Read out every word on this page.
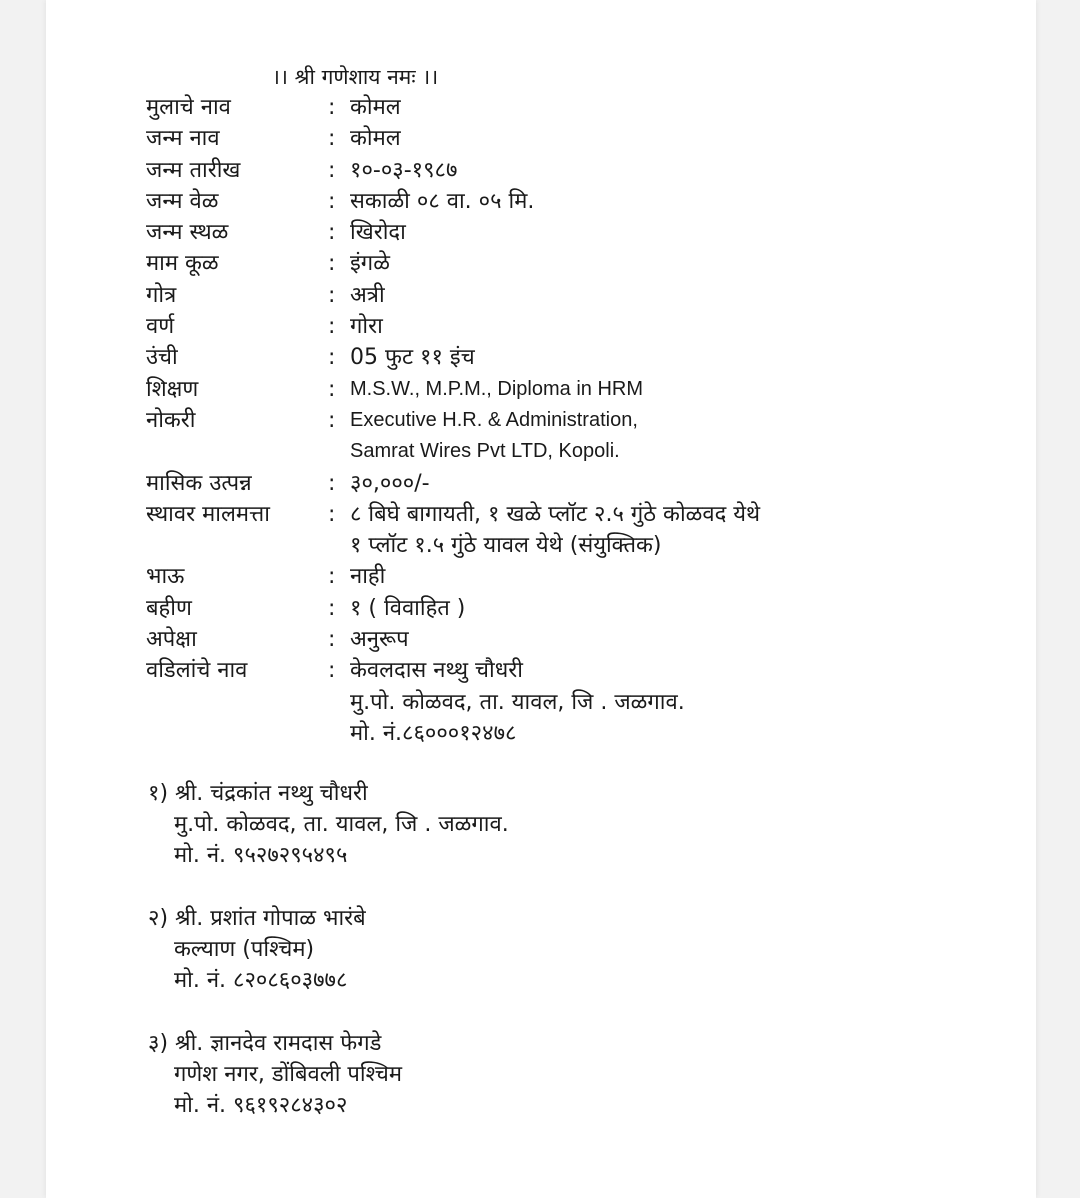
।। श्री गणेशाय नमः ।।
मुलाचे नाव	: कोमल
जन्म नाव	: कोमल
जन्म तारीख	: १०-०३-१९८७
जन्म वेळ	: सकाळी ०८ वा. ०५ मि.
जन्म स्थळ	: खिरोदा
माम कूळ	: इंगळे
गोत्र	: अत्री
वर्ण	: गोरा
उंची	: 05 फुट ११ इंच
शिक्षण	: M.S.W., M.P.M., Diploma in HRM
नोकरी	: Executive H.R. & Administration,
Samrat Wires Pvt LTD, Kopoli.
मासिक उत्पन्न	: ३०,०००/-
स्थावर मालमत्ता	: ८ बिघे बागायती, १ खळे प्लॉट २.५ गुंठे कोळवद येथे
१ प्लॉट १.५ गुंठे यावल येथे (संयुक्तिक)
भाऊ	: नाही
बहीण	: १ ( विवाहित )
अपेक्षा	: अनुरूप
वडिलांचे नाव	: केवलदास नथ्थु चौधरी
मु.पो. कोळवद, ता. यावल, जि . जळगाव.
मो. नं.८६०००१२४७८
१) श्री. चंद्रकांत नथ्थु चौधरी
मु.पो. कोळवद, ता. यावल, जि . जळगाव.
मो. नं. ९५२७२९५४९५
२) श्री. प्रशांत गोपाळ भारंबे
कल्याण (पश्चिम)
मो. नं. ८२०८६०३७७८
३) श्री. ज्ञानदेव रामदास फेगडे
गणेश नगर, डोंबिवली पश्चिम
मो. नं. ९६१९२८४३०२
